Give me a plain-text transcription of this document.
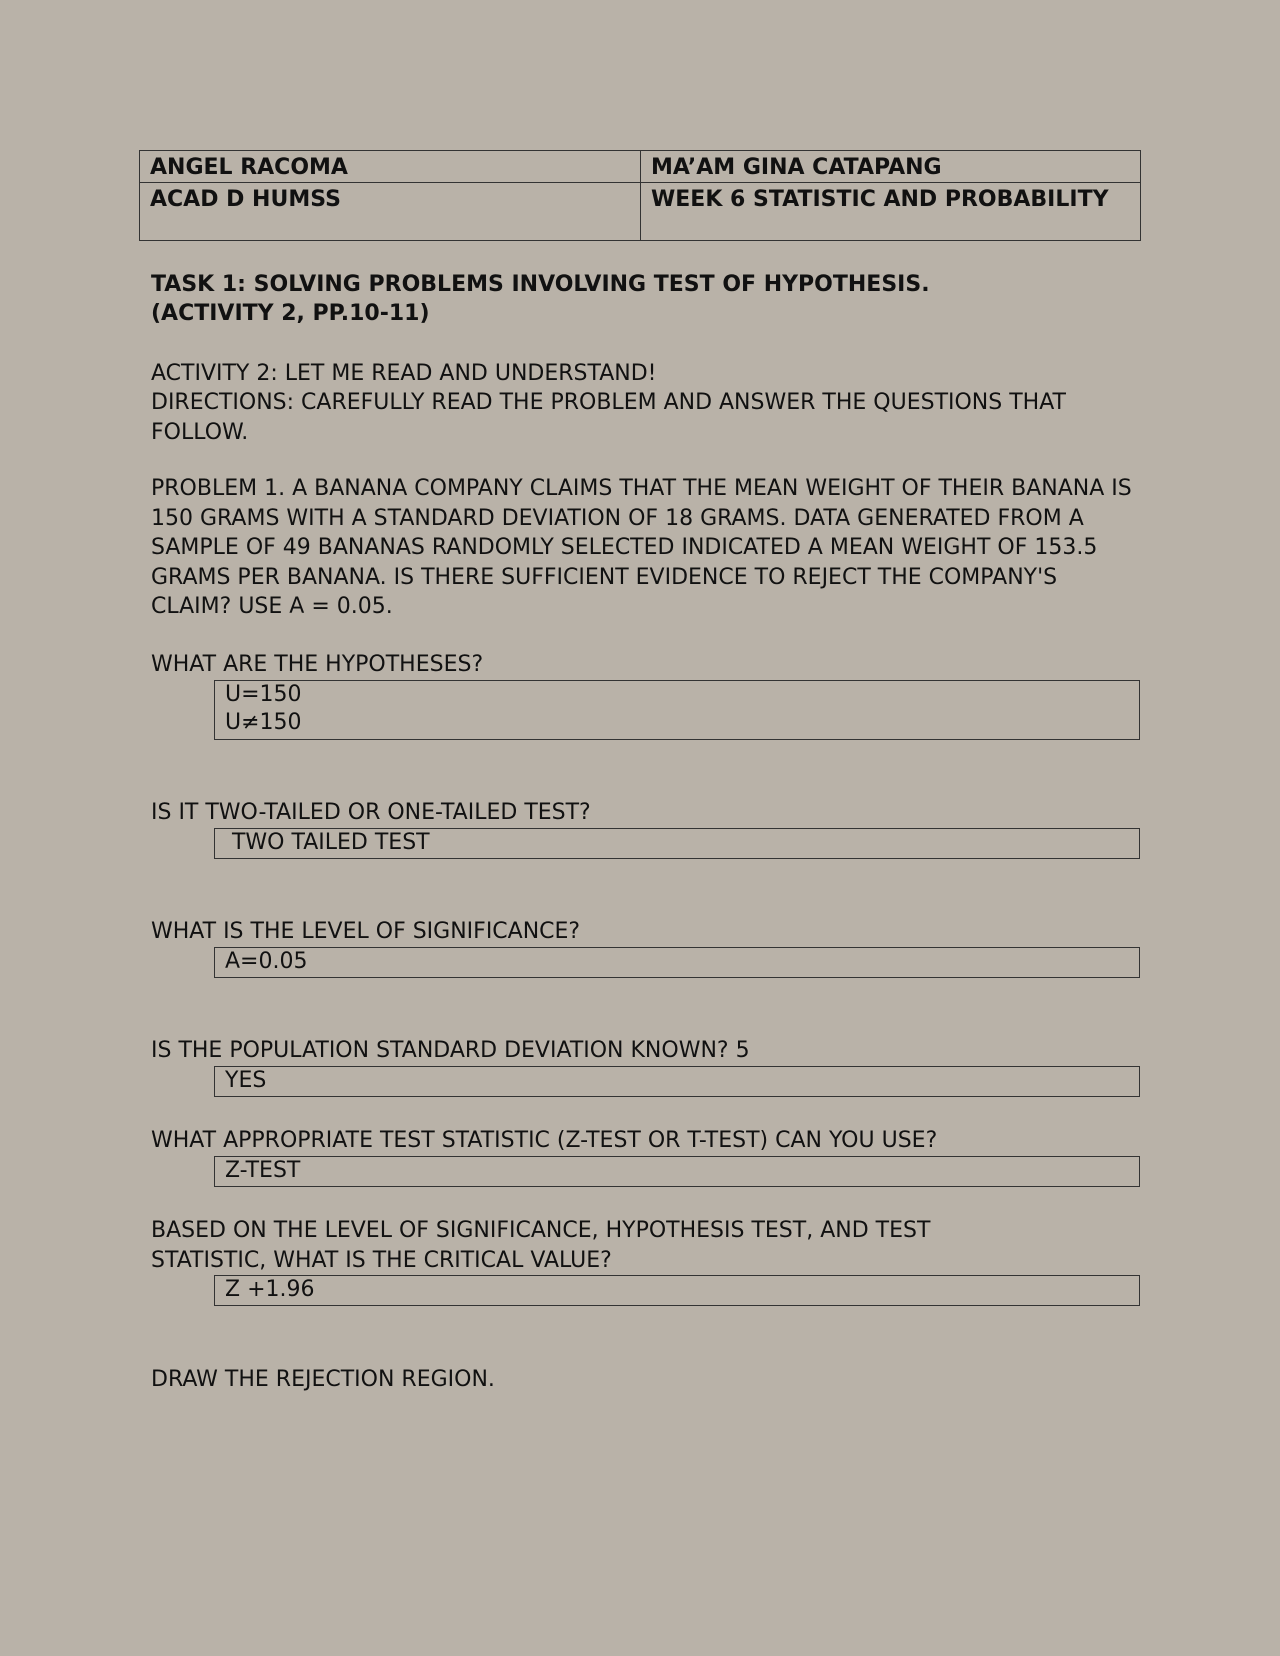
ANGEL RACOMA	MA’AM GINA CATAPANG
ACAD D HUMSS	WEEK 6 STATISTIC AND PROBABILITY
TASK 1: SOLVING PROBLEMS INVOLVING TEST OF HYPOTHESIS.
(ACTIVITY 2, PP.10-11)
ACTIVITY 2: LET ME READ AND UNDERSTAND!
DIRECTIONS: CAREFULLY READ THE PROBLEM AND ANSWER THE QUESTIONS THAT FOLLOW.
PROBLEM 1. A BANANA COMPANY CLAIMS THAT THE MEAN WEIGHT OF THEIR BANANA IS 150 GRAMS WITH A STANDARD DEVIATION OF 18 GRAMS. DATA GENERATED FROM A SAMPLE OF 49 BANANAS RANDOMLY SELECTED INDICATED A MEAN WEIGHT OF 153.5 GRAMS PER BANANA. IS THERE SUFFICIENT EVIDENCE TO REJECT THE COMPANY'S CLAIM? USE Α = 0.05.
WHAT ARE THE HYPOTHESES?
U=150
U≠150
IS IT TWO-TAILED OR ONE-TAILED TEST?
TWO TAILED TEST
WHAT IS THE LEVEL OF SIGNIFICANCE?
Α=0.05
IS THE POPULATION STANDARD DEVIATION KNOWN? 5
YES
WHAT APPROPRIATE TEST STATISTIC (Z-TEST OR T-TEST) CAN YOU USE?
Z-TEST
BASED ON THE LEVEL OF SIGNIFICANCE, HYPOTHESIS TEST, AND TEST STATISTIC, WHAT IS THE CRITICAL VALUE?
Z +1.96
DRAW THE REJECTION REGION.
